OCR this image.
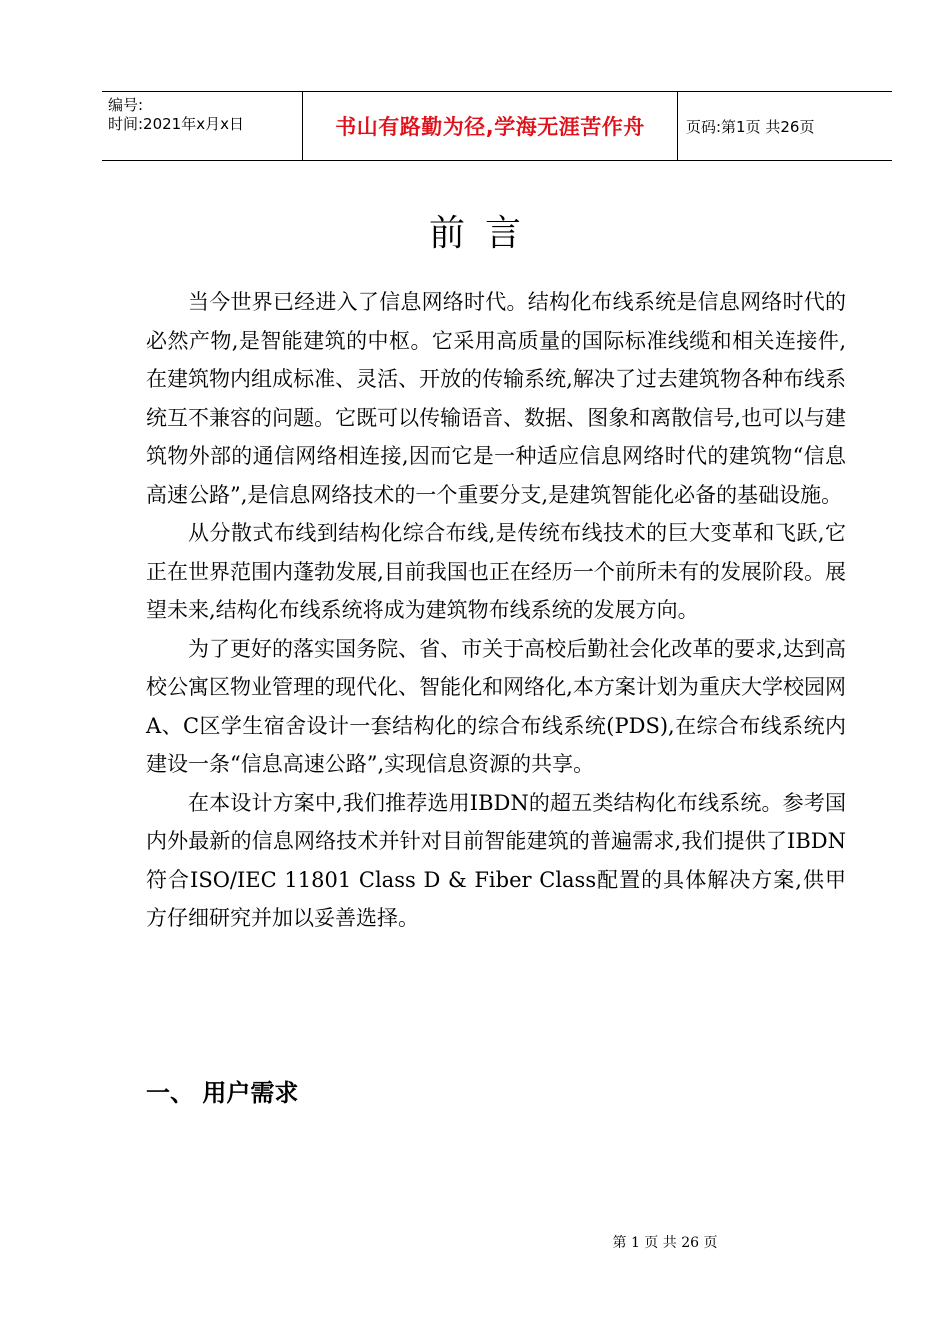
编号:
时间:2021年x月x日	书山有路勤为径,学海无涯苦作舟	页码:第1页 共26页
前言

当今世界已经进入了信息网络时代。结构化布线系统是信息网络时代的必然产物,是智能建筑的中枢。它采用高质量的国际标准线缆和相关连接件,在建筑物内组成标准、灵活、开放的传输系统,解决了过去建筑物各种布线系统互不兼容的问题。它既可以传输语音、数据、图象和离散信号,也可以与建筑物外部的通信网络相连接,因而它是一种适应信息网络时代的建筑物“信息高速公路”,是信息网络技术的一个重要分支,是建筑智能化必备的基础设施。

从分散式布线到结构化综合布线,是传统布线技术的巨大变革和飞跃,它正在世界范围内蓬勃发展,目前我国也正在经历一个前所未有的发展阶段。展望未来,结构化布线系统将成为建筑物布线系统的发展方向。

为了更好的落实国务院、省、市关于高校后勤社会化改革的要求,达到高校公寓区物业管理的现代化、智能化和网络化,本方案计划为重庆大学校园网A、C区学生宿舍设计一套结构化的综合布线系统(PDS),在综合布线系统内建设一条“信息高速公路”,实现信息资源的共享。

在本设计方案中,我们推荐选用IBDN的超五类结构化布线系统。参考国内外最新的信息网络技术并针对目前智能建筑的普遍需求,我们提供了IBDN符合ISO/IEC 11801 Class D & Fiber Class配置的具体解决方案,供甲方仔细研究并加以妥善选择。

一、 用户需求
第 1 页 共 26 页
